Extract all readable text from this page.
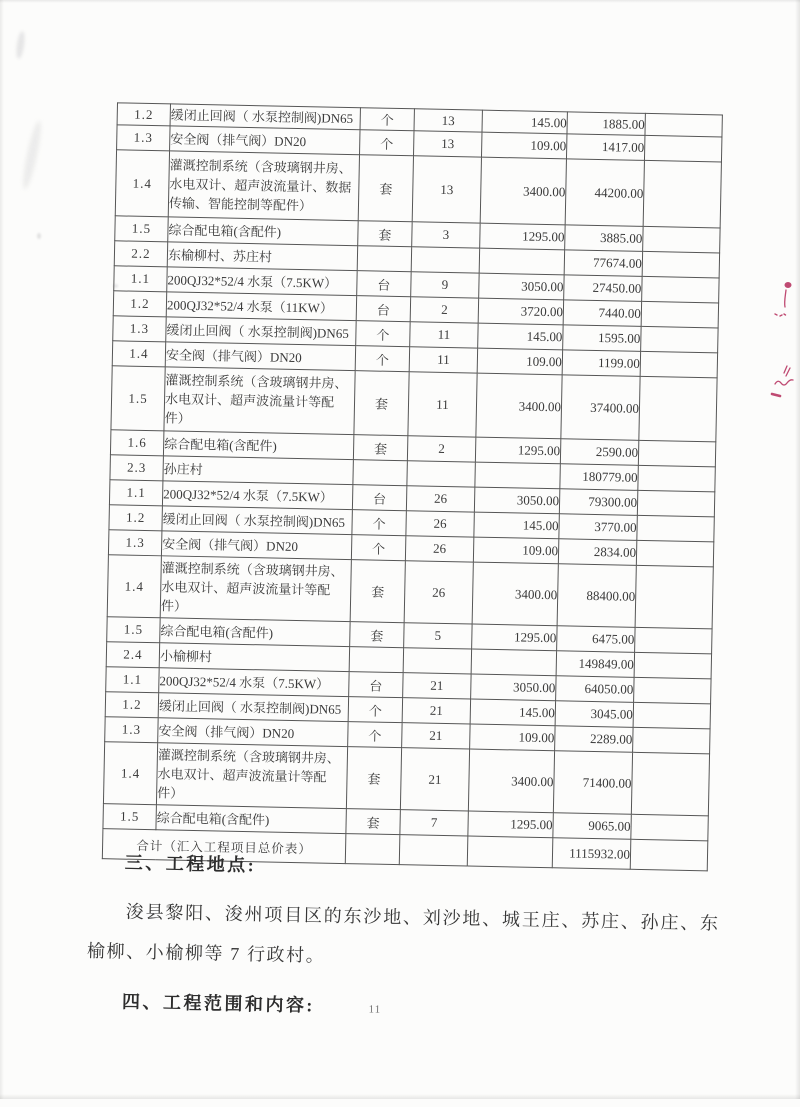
1.2	缓闭止回阀（ 水泵控制阀)DN65	个	13	145.00	1885.00	
1.3	安全阀（排气阀）DN20	个	13	109.00	1417.00	
1.4	灌溉控制系统（含玻璃钢井房、
水电双计、超声波流量计、数据
传输、智能控制等配件）	套	13	3400.00	44200.00	
1.5	综合配电箱(含配件)	套	3	1295.00	3885.00	
2.2	东榆柳村、苏庄村				77674.00	
1.1	200QJ32*52/4 水泵（7.5KW）	台	9	3050.00	27450.00	
1.2	200QJ32*52/4 水泵（11KW）	台	2	3720.00	7440.00	
1.3	缓闭止回阀（ 水泵控制阀)DN65	个	11	145.00	1595.00	
1.4	安全阀（排气阀）DN20	个	11	109.00	1199.00	
1.5	灌溉控制系统（含玻璃钢井房、
水电双计、超声波流量计等配
件）	套	11	3400.00	37400.00	
1.6	综合配电箱(含配件)	套	2	1295.00	2590.00	
2.3	孙庄村				180779.00	
1.1	200QJ32*52/4 水泵（7.5KW）	台	26	3050.00	79300.00	
1.2	缓闭止回阀（ 水泵控制阀)DN65	个	26	145.00	3770.00	
1.3	安全阀（排气阀）DN20	个	26	109.00	2834.00	
1.4	灌溉控制系统（含玻璃钢井房、
水电双计、超声波流量计等配
件）	套	26	3400.00	88400.00	
1.5	综合配电箱(含配件)	套	5	1295.00	6475.00	
2.4	小榆柳村				149849.00	
1.1	200QJ32*52/4 水泵（7.5KW）	台	21	3050.00	64050.00	
1.2	缓闭止回阀（ 水泵控制阀)DN65	个	21	145.00	3045.00	
1.3	安全阀（排气阀）DN20	个	21	109.00	2289.00	
1.4	灌溉控制系统（含玻璃钢井房、
水电双计、超声波流量计等配
件）	套	21	3400.00	71400.00	
1.5	综合配电箱(含配件)	套	7	1295.00	9065.00	
合计（汇入工程项目总价表）					1115932.00	
三、工程地点:
浚县黎阳、浚州项目区的东沙地、刘沙地、城王庄、苏庄、孙庄、东榆柳、小榆柳等 7 行政村。
四、工程范围和内容:	11
